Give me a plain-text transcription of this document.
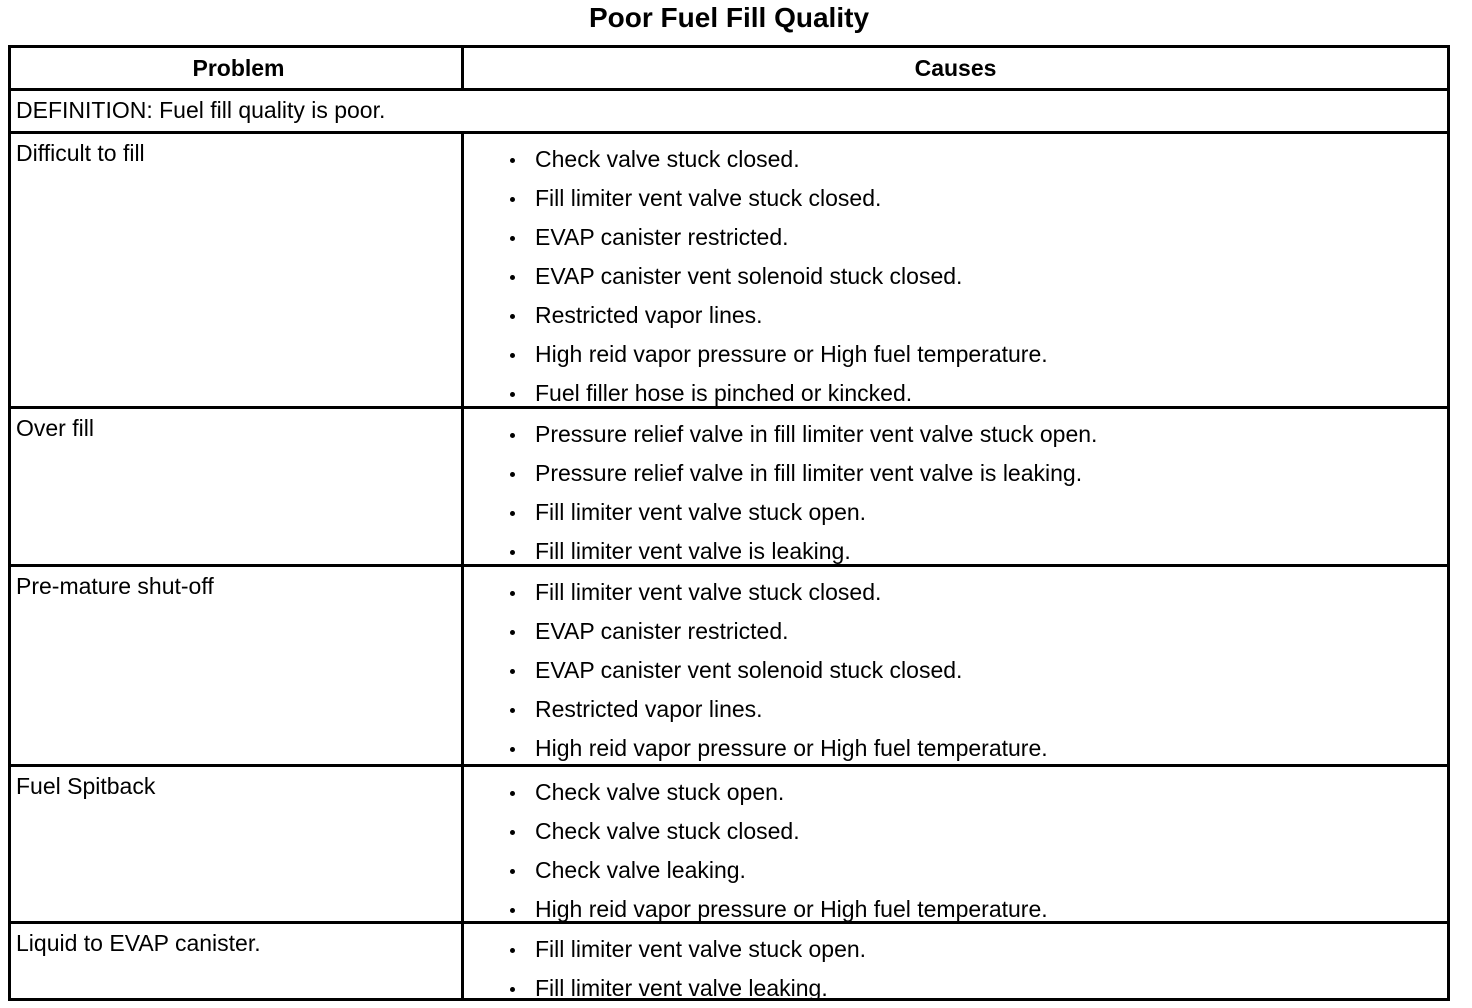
Poor Fuel Fill Quality
Problem	Causes
DEFINITION: Fuel fill quality is poor.
Difficult to fill	Check valve stuck closed.
Fill limiter vent valve stuck closed.
EVAP canister restricted.
EVAP canister vent solenoid stuck closed.
Restricted vapor lines.
High reid vapor pressure or High fuel temperature.
Fuel filler hose is pinched or kincked.
Over fill	Pressure relief valve in fill limiter vent valve stuck open.
Pressure relief valve in fill limiter vent valve is leaking.
Fill limiter vent valve stuck open.
Fill limiter vent valve is leaking.
Pre-mature shut-off	Fill limiter vent valve stuck closed.
EVAP canister restricted.
EVAP canister vent solenoid stuck closed.
Restricted vapor lines.
High reid vapor pressure or High fuel temperature.
Fuel Spitback	Check valve stuck open.
Check valve stuck closed.
Check valve leaking.
High reid vapor pressure or High fuel temperature.
Liquid to EVAP canister.	Fill limiter vent valve stuck open.
Fill limiter vent valve leaking.
